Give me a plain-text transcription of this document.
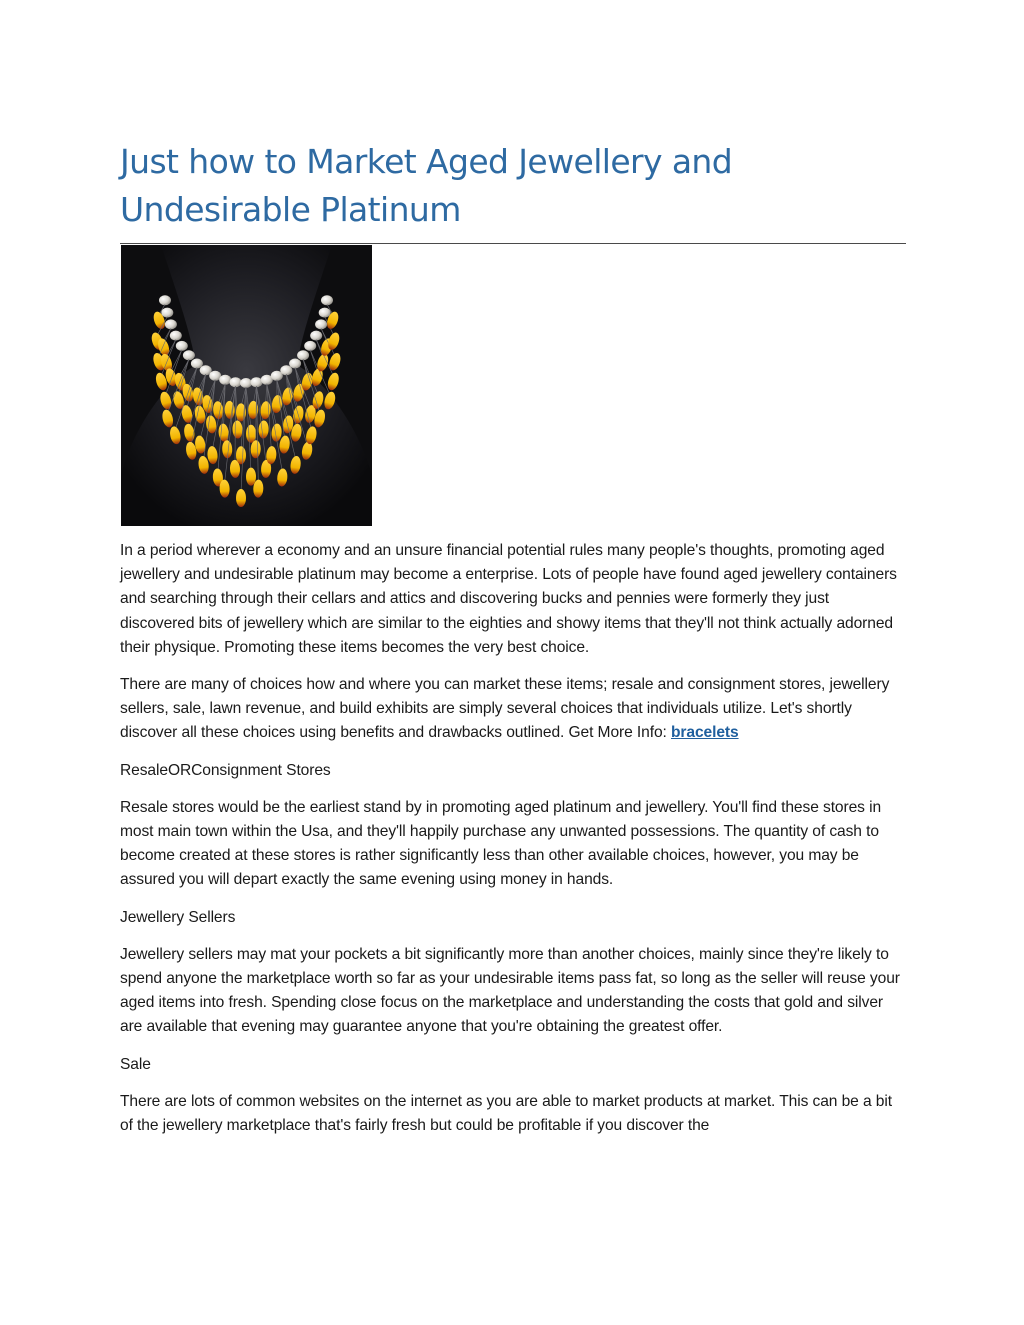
Just how to Market Aged Jewellery and Undesirable Platinum

In a period wherever a economy and an unsure financial potential rules many people's thoughts, promoting aged jewellery and undesirable platinum may become a enterprise. Lots of people have found aged jewellery containers and searching through their cellars and attics and discovering bucks and pennies were formerly they just discovered bits of jewellery which are similar to the eighties and showy items that they'll not think actually adorned their physique. Promoting these items becomes the very best choice.

There are many of choices how and where you can market these items; resale and consignment stores, jewellery sellers, sale, lawn revenue, and build exhibits are simply several choices that individuals utilize. Let's shortly discover all these choices using benefits and drawbacks outlined. Get More Info: bracelets

ResaleORConsignment Stores

Resale stores would be the earliest stand by in promoting aged platinum and jewellery. You'll find these stores in most main town within the Usa, and they'll happily purchase any unwanted possessions. The quantity of cash to become created at these stores is rather significantly less than other available choices, however, you may be assured you will depart exactly the same evening using money in hands.

Jewellery Sellers

Jewellery sellers may mat your pockets a bit significantly more than another choices, mainly since they're likely to spend anyone the marketplace worth so far as your undesirable items pass fat, so long as the seller will reuse your aged items into fresh. Spending close focus on the marketplace and understanding the costs that gold and silver are available that evening may guarantee anyone that you're obtaining the greatest offer.

Sale

There are lots of common websites on the internet as you are able to market products at market. This can be a bit of the jewellery marketplace that's fairly fresh but could be profitable if you discover the
